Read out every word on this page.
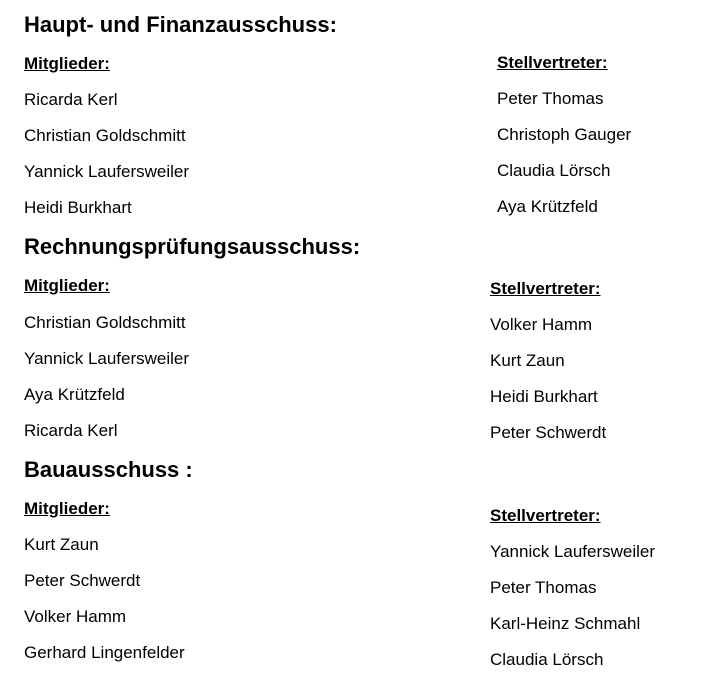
Haupt- und Finanzausschuss:
Mitglieder:
Ricarda Kerl
Christian Goldschmitt
Yannick Laufersweiler
Heidi Burkhart
Stellvertreter:
Peter Thomas
Christoph Gauger
Claudia Lörsch
Aya Krützfeld
Rechnungsprüfungsausschuss:
Mitglieder:
Christian Goldschmitt
Yannick Laufersweiler
Aya Krützfeld
Ricarda Kerl
Stellvertreter:
Volker Hamm
Kurt Zaun
Heidi Burkhart
Peter Schwerdt
Bauausschuss :
Mitglieder:
Kurt Zaun
Peter Schwerdt
Volker Hamm
Gerhard Lingenfelder
Stellvertreter:
Yannick Laufersweiler
Peter Thomas
Karl-Heinz Schmahl
Claudia Lörsch
